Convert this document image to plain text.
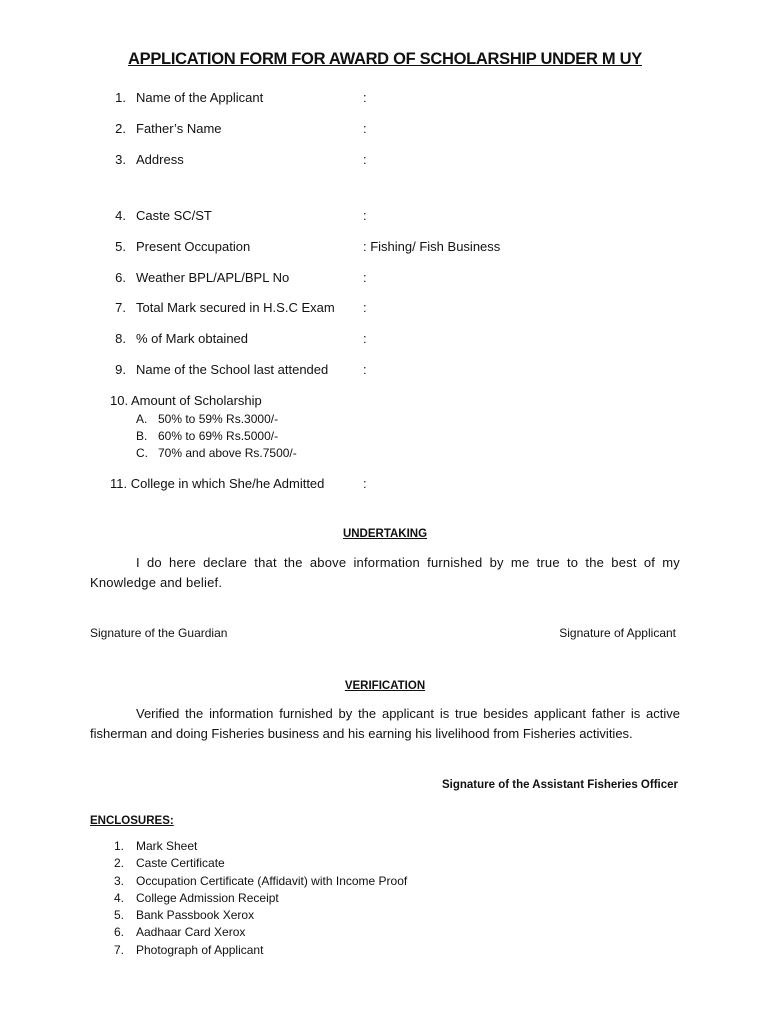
APPLICATION FORM FOR AWARD OF SCHOLARSHIP UNDER M UY
1. Name of the Applicant	:
2. Father’s Name	:
3. Address	:
4. Caste SC/ST	:
5. Present Occupation	: Fishing/ Fish Business
6. Weather BPL/APL/BPL No	:
7. Total Mark secured in H.S.C Exam :
8. % of Mark obtained	:
9. Name of the School last attended	:
10. Amount of Scholarship
A. 50% to 59% Rs.3000/-
B. 60% to 69% Rs.5000/-
C. 70% and above Rs.7500/-
11. College in which She/he Admitted	:
UNDERTAKING
I do here declare that the above information furnished by me true to the best of my Knowledge and belief.
Signature of the Guardian	Signature of Applicant
VERIFICATION
Verified the information furnished by the applicant is true besides applicant father is active fisherman and doing Fisheries business and his earning his livelihood from Fisheries activities.
Signature of the Assistant Fisheries Officer
ENCLOSURES:
1. Mark Sheet
2. Caste Certificate
3. Occupation Certificate (Affidavit) with Income Proof
4. College Admission Receipt
5. Bank Passbook Xerox
6. Aadhaar Card Xerox
7. Photograph of Applicant
